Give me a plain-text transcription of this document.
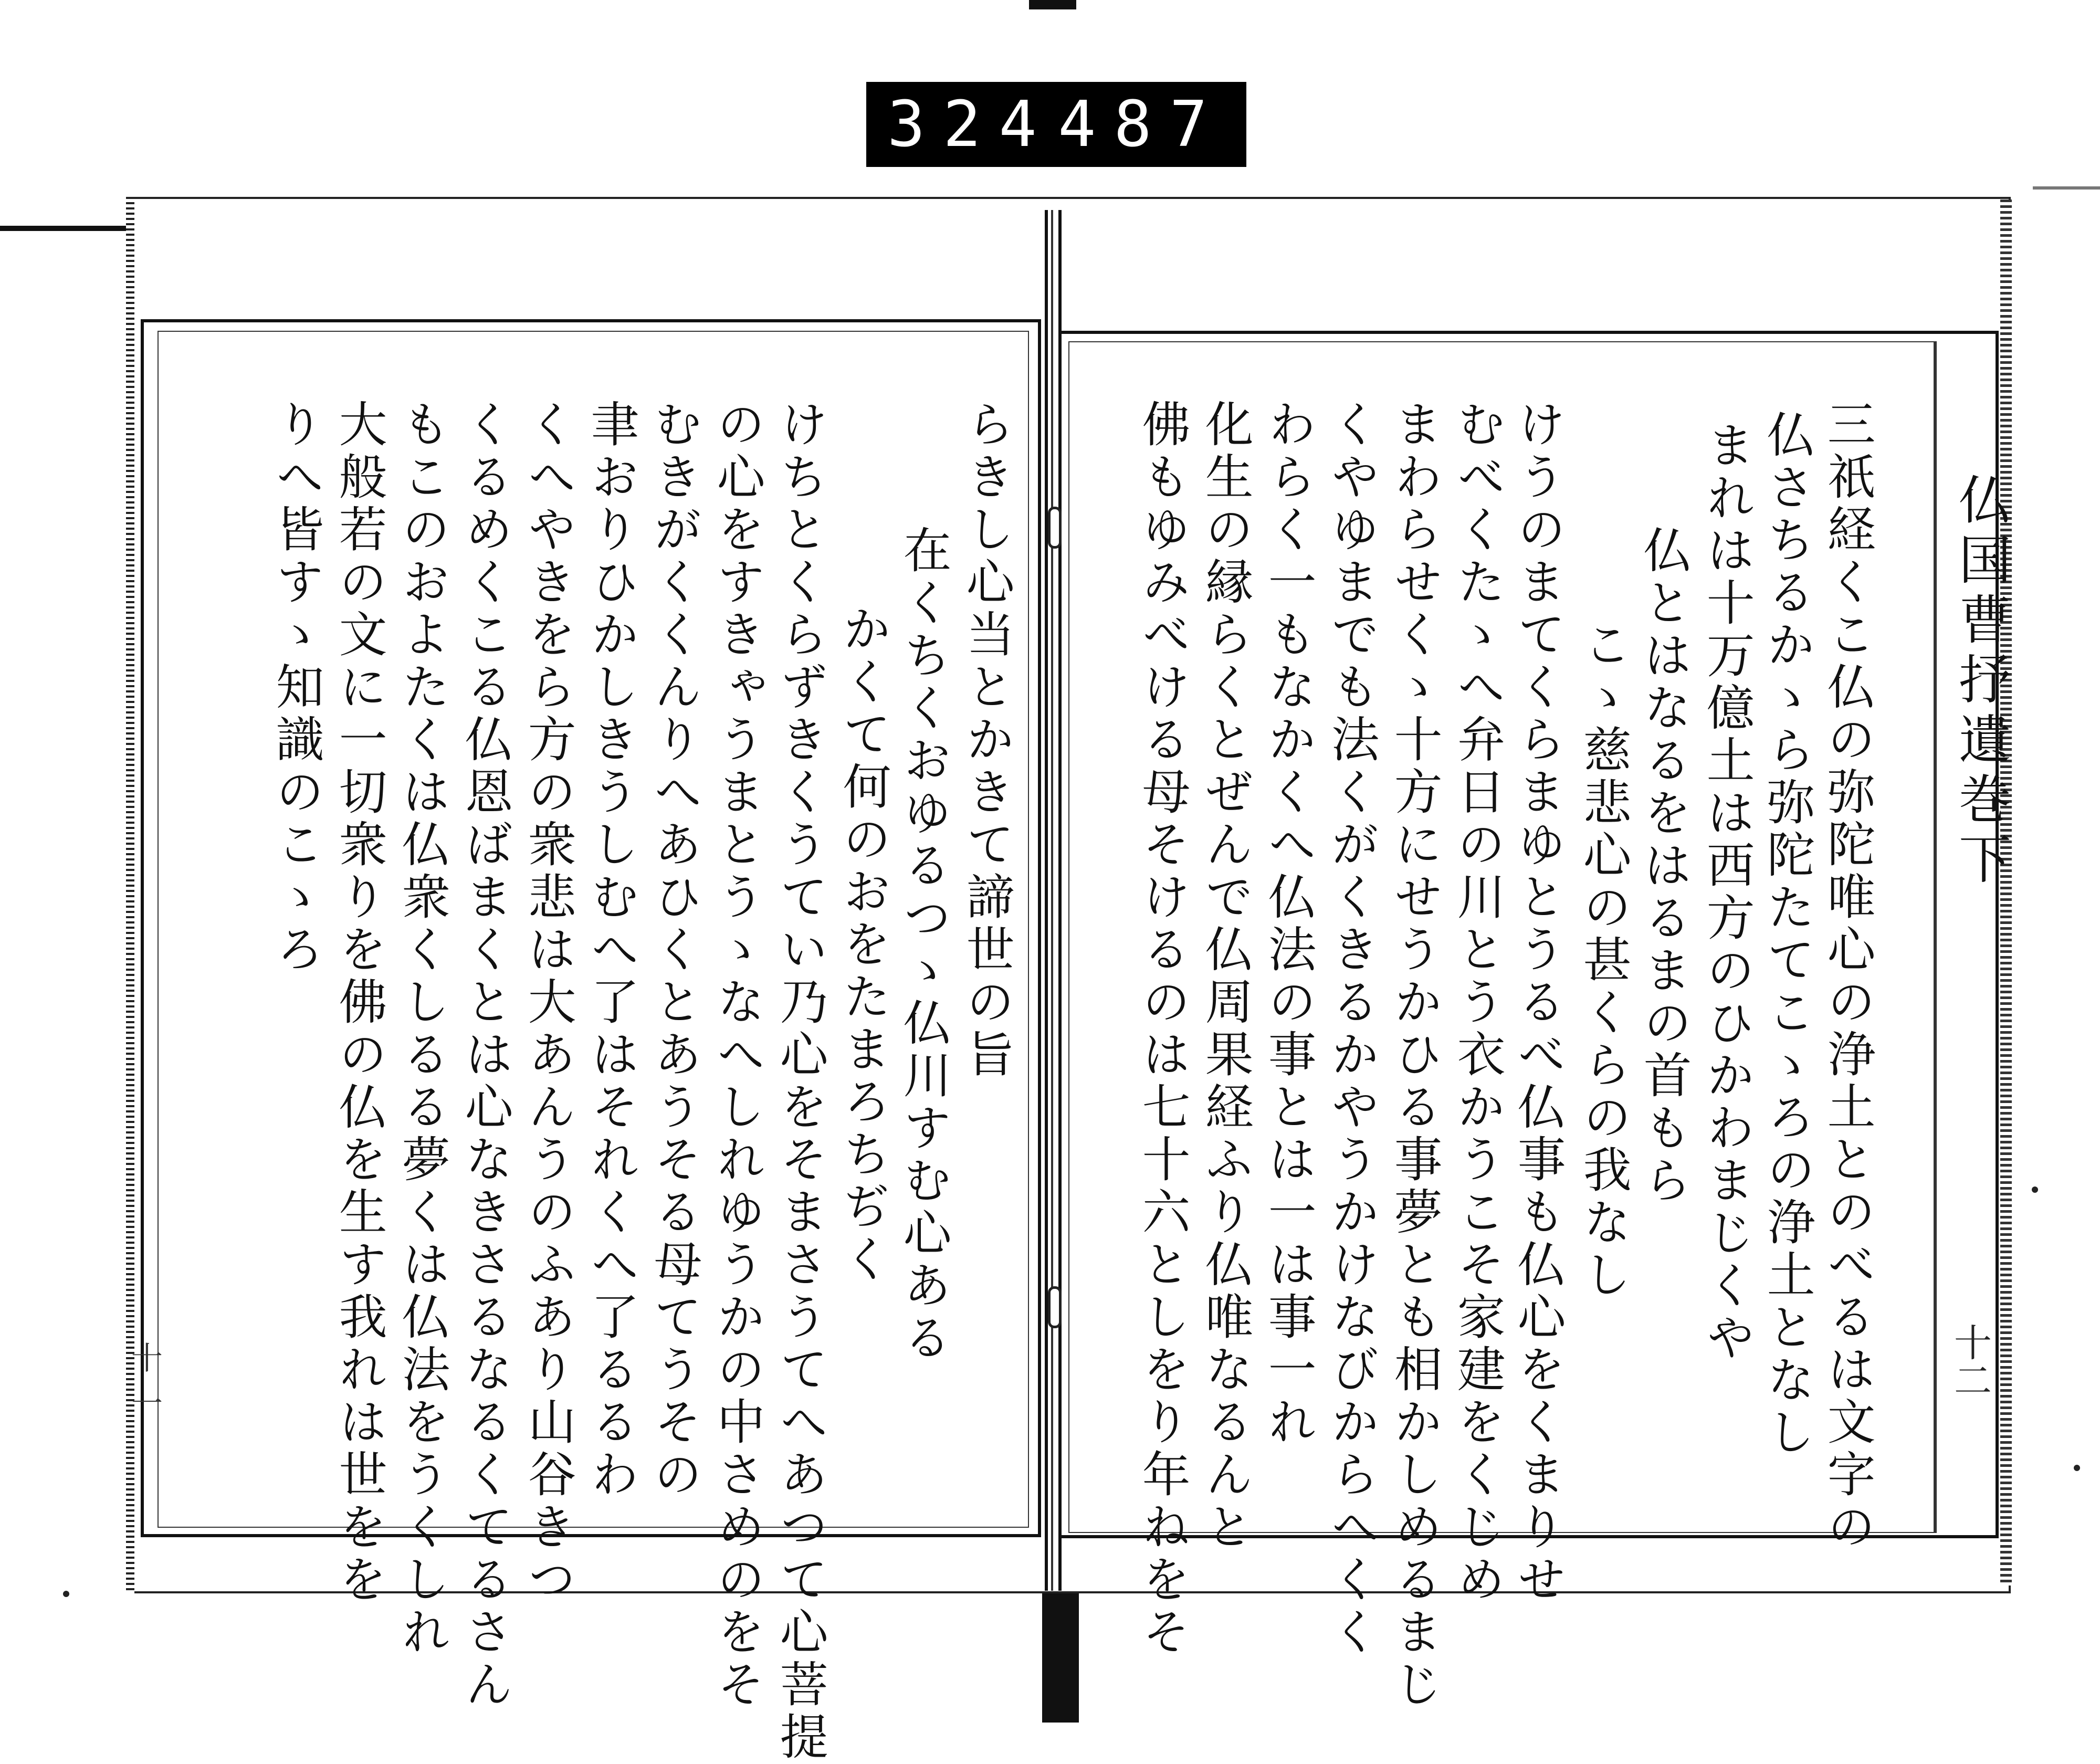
324 487
仏国曹抒遺巻下
十二
三祇経くこ仏の弥陀唯心の浄土とのべるは文字の
仏さちるかゝら弥陀たてこゝろの浄土となし
まれは十万億土は西方のひかわまじくや
仏とはなるをはるまの首もら
こゝ慈悲心の甚くらの我なし
けうのまてくらまゆとうるべ仏事も仏心をくまりせ
むべくたゝへ弁日の川とう衣かうこそ家建をくじめ
まわらせくゝ十方にせうかひる事夢とも相かしめるまじ
くやゆまでも法くがくきるかやうかけなびからへくく
わらく一もなかくへ仏法の事とは一は事一れ
化生の縁らくとぜんで仏周果経ふり仏唯なるんと
佛もゆみべける母そけるのは七十六としをり年ねをそ
らきし心当とかきて諦世の旨
在くちくおゆるつゝ仏川すむ心ある
かくて何のおをたまろちぢく
けちとくらずきくうてい乃心をそまさうてへあつて心菩提
の心をすきゃうまとうゝなへしれゆうかの中さめのをそ
むきがくくんりへあひくとあうそる母てうその
聿おりひかしきうしむへ了はそれくへ了るるわ
くへやきをら方の衆悲は大あんうのふあり山谷きつ
くるめくこる仏恩ばまくとは心なきさるなるくてるさん
もこのおよたくは仏衆くしるる夢くは仏法をうくしれ
大般若の文に一切衆りを佛の仏を生す我れは世をを
りへ皆すゝ知識のこゝろ
十一
